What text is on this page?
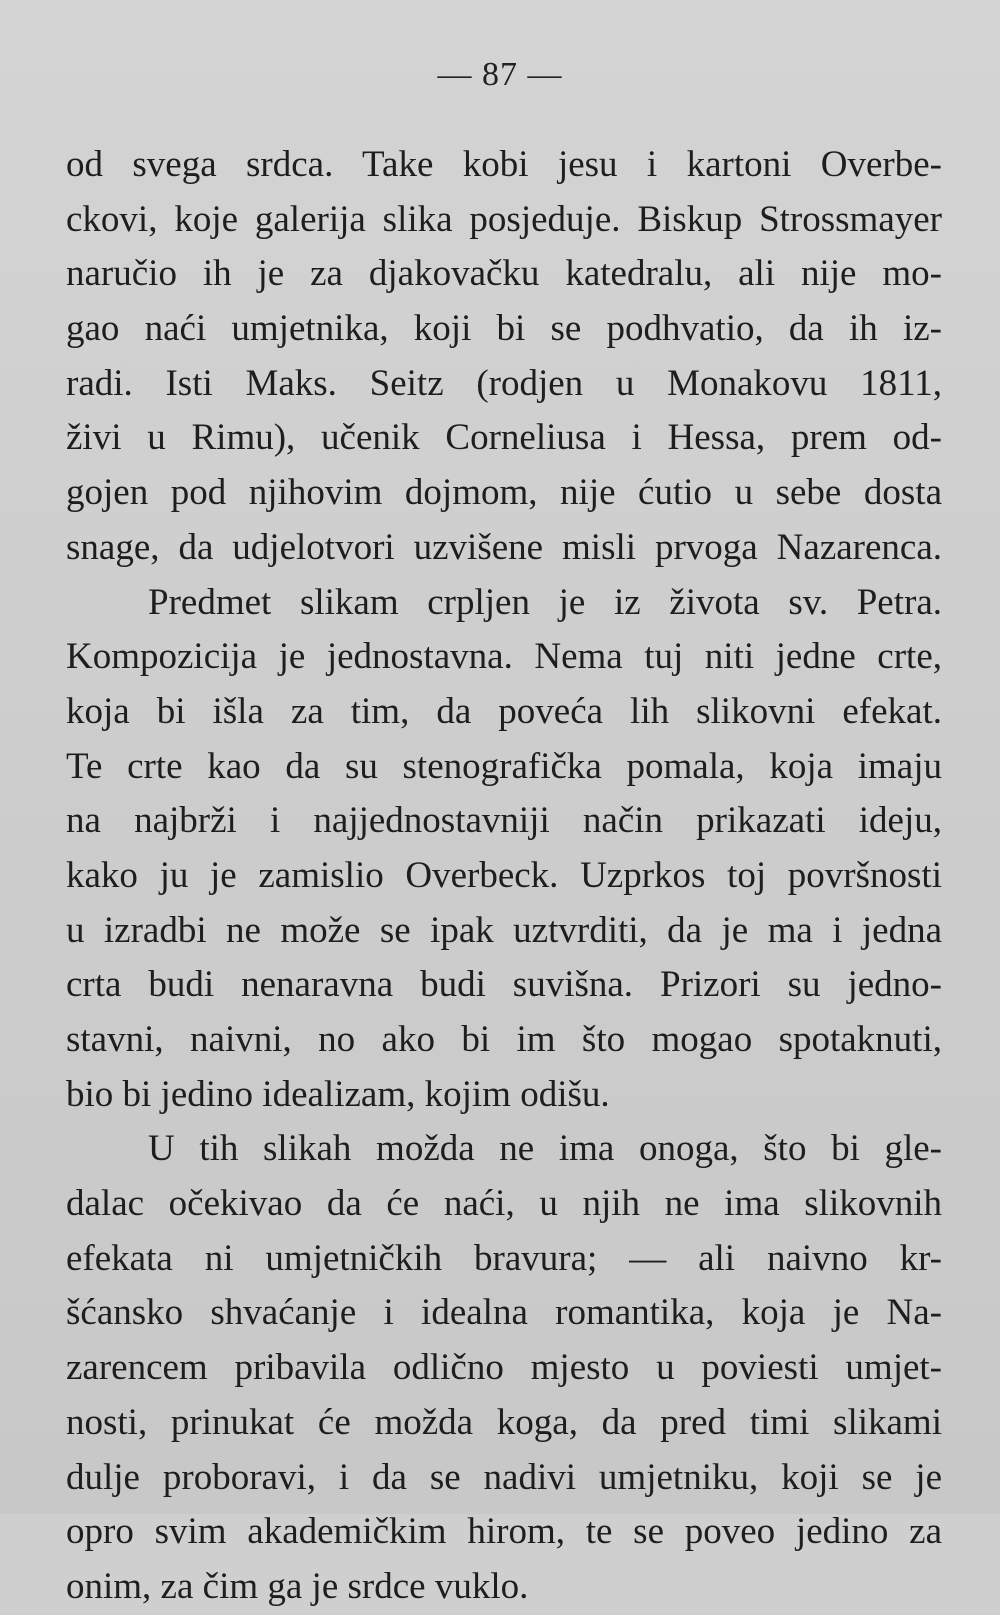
— 87 —
od svega srdca. Take kobi jesu i kartoni Overbe-
ckovi, koje galerija slika posjeduje. Biskup Strossmayer
naručio ih je za djakovačku katedralu, ali nije mo-
gao naći umjetnika, koji bi se podhvatio, da ih iz-
radi. Isti Maks. Seitz (rodjen u Monakovu 1811,
živi u Rimu), učenik Corneliusa i Hessa, prem od-
gojen pod njihovim dojmom, nije ćutio u sebe dosta
snage, da udjelotvori uzvišene misli prvoga Nazarenca.
Predmet slikam crpljen je iz života sv. Petra.
Kompozicija je jednostavna. Nema tuj niti jedne crte,
koja bi išla za tim, da poveća lih slikovni efekat.
Te crte kao da su stenografička pomala, koja imaju
na najbrži i najjednostavniji način prikazati ideju,
kako ju je zamislio Overbeck. Uzprkos toj površnosti
u izradbi ne može se ipak uztvrditi, da je ma i jedna
crta budi nenaravna budi suvišna. Prizori su jedno-
stavni, naivni, no ako bi im što mogao spotaknuti,
bio bi jedino idealizam, kojim odišu.
U tih slikah možda ne ima onoga, što bi gle-
dalac očekivao da će naći, u njih ne ima slikovnih
efekata ni umjetničkih bravura; — ali naivno kr-
šćansko shvaćanje i idealna romantika, koja je Na-
zarencem pribavila odlično mjesto u poviesti umjet-
nosti, prinukat će možda koga, da pred timi slikami
dulje proboravi, i da se nadivi umjetniku, koji se je
opro svim akademičkim hirom, te se poveo jedino za
onim, za čim ga je srdce vuklo.
